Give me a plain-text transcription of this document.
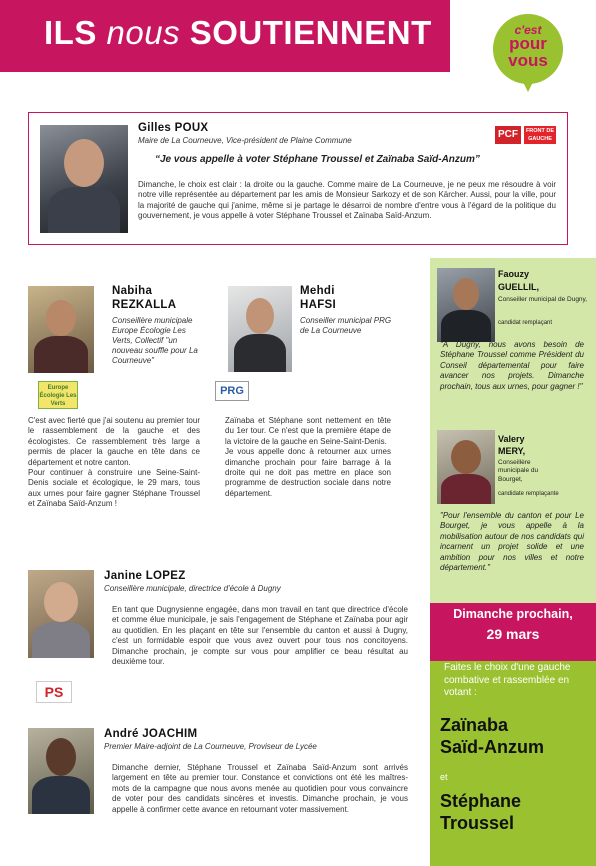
ILS nous SOUTIENNENT	c'est
pour
vous
Gilles POUX
Maire de La Courneuve, Vice-président de Plaine Commune
“Je vous appelle à voter Stéphane Troussel et Zaïnaba Saïd-Anzum”
Dimanche, le choix est clair : la droite ou la gauche. Comme maire de La Courneuve, je ne peux me résoudre à voir notre ville représentée au département par les amis de Monsieur Sarkozy et de son Kärcher. Aussi, pour la ville, pour la majorité de gauche qui j'anime, même si je partage le désarroi de nombre d'entre vous à l'égard de la politique du gouvernement, je vous appelle à voter Stéphane Troussel et Zaïnaba Saïd-Anzum.
PCF	FRONT DE GAUCHE
Nabiha
REZKALLA
Conseillère municipale Europe Écologie Les Verts, Collectif "un nouveau souffle pour La Courneuve"
Europe Écologie Les Verts
C'est avec fierté que j'ai soutenu au premier tour le rassemblement de la gauche et des écologistes. Ce rassemblement très large a permis de placer la gauche en tête dans ce département et notre canton.
Pour continuer à construire une Seine-Saint-Denis sociale et écologique, le 29 mars, tous aux urnes pour faire gagner Stéphane Troussel et Zaïnaba Saïd-Anzum !
Mehdi
HAFSI
Conseiller municipal PRG de La Courneuve
PRG
Zaïnaba et Stéphane sont nettement en tête du 1er tour. Ce n'est que la première étape de la victoire de la gauche en Seine-Saint-Denis.
Je vous appelle donc à retourner aux urnes dimanche prochain pour faire barrage à la droite qui ne doit pas mettre en place son programme de destruction sociale dans notre département.
Janine LOPEZ
Conseillère municipale, directrice d'école à Dugny
En tant que Dugnysienne engagée, dans mon travail en tant que directrice d'école et comme élue municipale, je sais l'engagement de Stéphane et Zaïnaba pour agir au quotidien. En les plaçant en tête sur l'ensemble du canton et aussi à Dugny, c'est un formidable espoir que vous avez ouvert pour tous nos concitoyens. Dimanche prochain, je compte sur vous pour amplifier ce beau résultat au deuxième tour.
PS
André JOACHIM
Premier Maire-adjoint de La Courneuve, Proviseur de Lycée
Dimanche dernier, Stéphane Troussel et Zaïnaba Saïd-Anzum sont arrivés largement en tête au premier tour. Constance et convictions ont été les maîtres-mots de la campagne que nous avons menée au quotidien pour vous convaincre de voter pour des candidats sincères et investis. Dimanche prochain, je vous appelle à confirmer cette avance en retournant voter massivement.
Faouzy
GUELLIL,
Conseiller municipal de Dugny,
candidat remplaçant
"A Dugny, nous avons besoin de Stéphane Troussel comme Président du Conseil départemental pour faire avancer nos projets. Dimanche prochain, tous aux urnes, pour gagner !"
Valery
MERY,
Conseillère municipale du Bourget,
candidate remplaçante
"Pour l'ensemble du canton et pour Le Bourget, je vous appelle à la mobilisation autour de nos candidats qui incarnent un projet solide et une ambition pour nos villes et notre département."
Dimanche prochain,
29 mars
Faites le choix d'une gauche combative et rassemblée en votant :
Zaïnaba
Saïd-Anzum
et
Stéphane
Troussel
